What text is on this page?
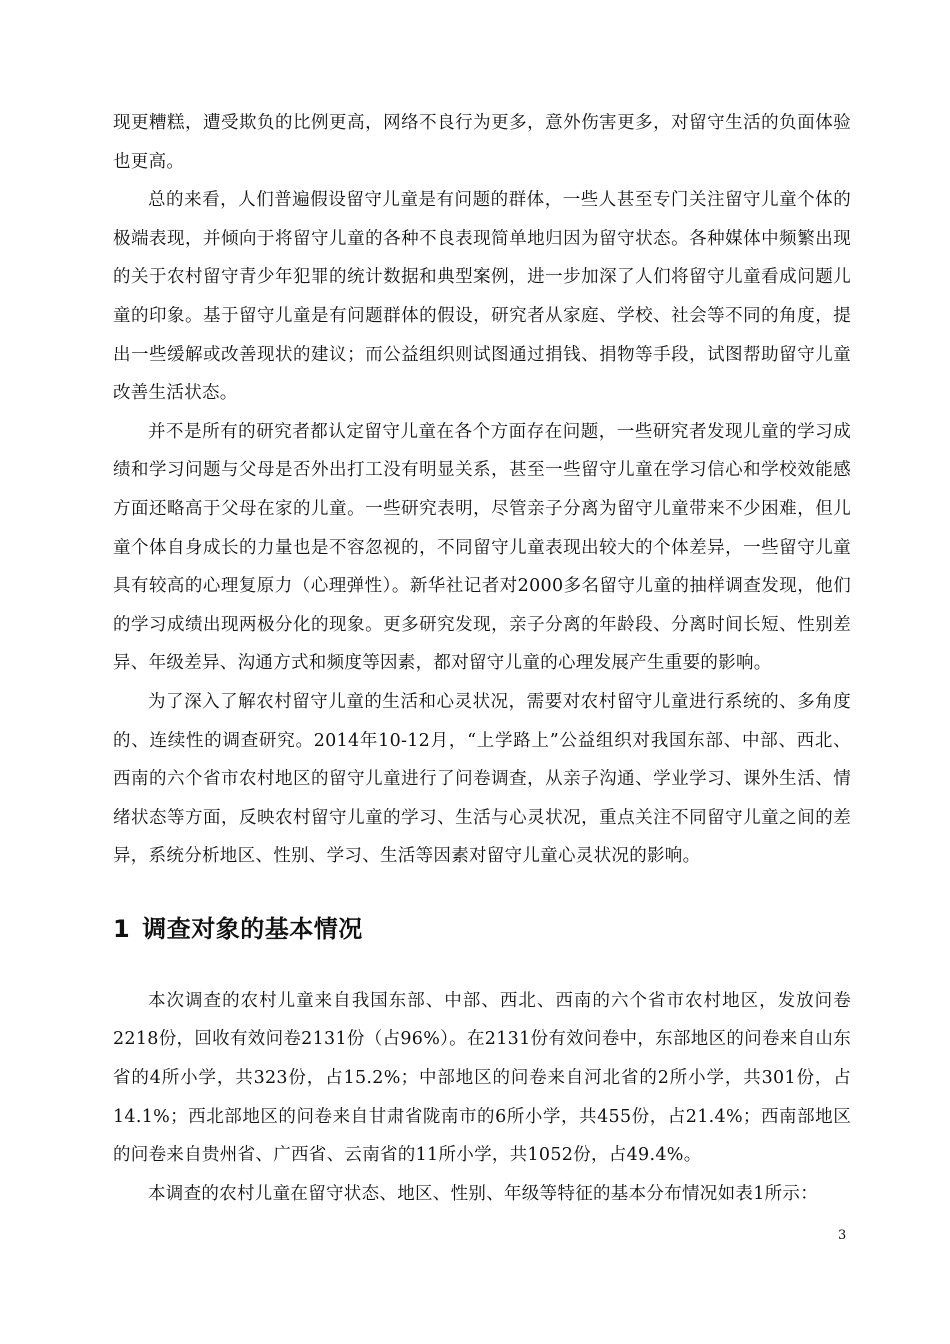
现更糟糕，遭受欺负的比例更高，网络不良行为更多，意外伤害更多，对留守生活的负面体验也更高。

总的来看，人们普遍假设留守儿童是有问题的群体，一些人甚至专门关注留守儿童个体的极端表现，并倾向于将留守儿童的各种不良表现简单地归因为留守状态。各种媒体中频繁出现的关于农村留守青少年犯罪的统计数据和典型案例，进一步加深了人们将留守儿童看成问题儿童的印象。基于留守儿童是有问题群体的假设，研究者从家庭、学校、社会等不同的角度，提出一些缓解或改善现状的建议；而公益组织则试图通过捐钱、捐物等手段，试图帮助留守儿童改善生活状态。

并不是所有的研究者都认定留守儿童在各个方面存在问题，一些研究者发现儿童的学习成绩和学习问题与父母是否外出打工没有明显关系，甚至一些留守儿童在学习信心和学校效能感方面还略高于父母在家的儿童。一些研究表明，尽管亲子分离为留守儿童带来不少困难，但儿童个体自身成长的力量也是不容忽视的，不同留守儿童表现出较大的个体差异，一些留守儿童具有较高的心理复原力（心理弹性）。新华社记者对2000多名留守儿童的抽样调查发现，他们的学习成绩出现两极分化的现象。更多研究发现，亲子分离的年龄段、分离时间长短、性别差异、年级差异、沟通方式和频度等因素，都对留守儿童的心理发展产生重要的影响。

为了深入了解农村留守儿童的生活和心灵状况，需要对农村留守儿童进行系统的、多角度的、连续性的调查研究。2014年10-12月，“上学路上”公益组织对我国东部、中部、西北、西南的六个省市农村地区的留守儿童进行了问卷调查，从亲子沟通、学业学习、课外生活、情绪状态等方面，反映农村留守儿童的学习、生活与心灵状况，重点关注不同留守儿童之间的差异，系统分析地区、性别、学习、生活等因素对留守儿童心灵状况的影响。

1 调查对象的基本情况

本次调查的农村儿童来自我国东部、中部、西北、西南的六个省市农村地区，发放问卷2218份，回收有效问卷2131份（占96%）。在2131份有效问卷中，东部地区的问卷来自山东省的4所小学，共323份，占15.2%；中部地区的问卷来自河北省的2所小学，共301份，占14.1%；西北部地区的问卷来自甘肃省陇南市的6所小学，共455份，占21.4%；西南部地区的问卷来自贵州省、广西省、云南省的11所小学，共1052份，占49.4%。

本调查的农村儿童在留守状态、地区、性别、年级等特征的基本分布情况如表1所示：

3
